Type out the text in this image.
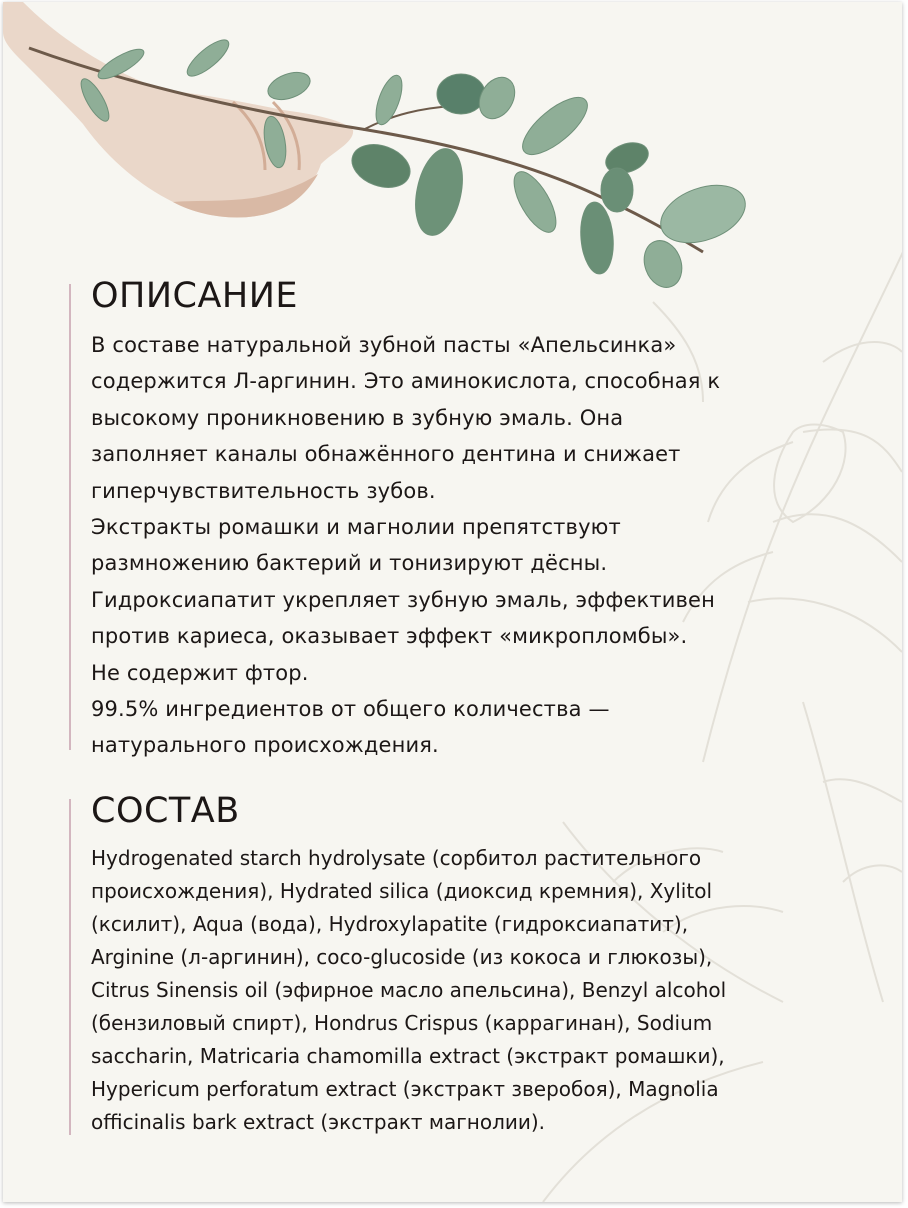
ОПИСАНИЕ
В составе натуральной зубной пасты «Апельсинка»
содержится Л-аргинин. Это аминокислота, способная к
высокому проникновению в зубную эмаль. Она
заполняет каналы обнажённого дентина и снижает
гиперчувствительность зубов.
Экстракты ромашки и магнолии препятствуют
размножению бактерий и тонизируют дёсны.
Гидроксиапатит укрепляет зубную эмаль, эффективен
против кариеса, оказывает эффект «микропломбы».
Не содержит фтор.
99.5% ингредиентов от общего количества —
натурального происхождения.
СОСТАВ
Hydrogenated starch hydrolysate (сорбитол растительного
происхождения), Hydrated silica (диоксид кремния), Xylitol
(ксилит), Aqua (вода), Hydroxylapatite (гидроксиапатит),
Arginine (л-аргинин), coco-glucoside (из кокоса и глюкозы),
Citrus Sinensis oil (эфирное масло апельсина), Benzyl alcohol
(бензиловый спирт), Hondrus Crispus (каррагинан), Sodium
saccharin, Matricaria chamomilla extract (экстракт ромашки),
Hypericum perforatum extract (экстракт зверобоя), Magnolia
officinalis bark extract (экстракт магнолии).
